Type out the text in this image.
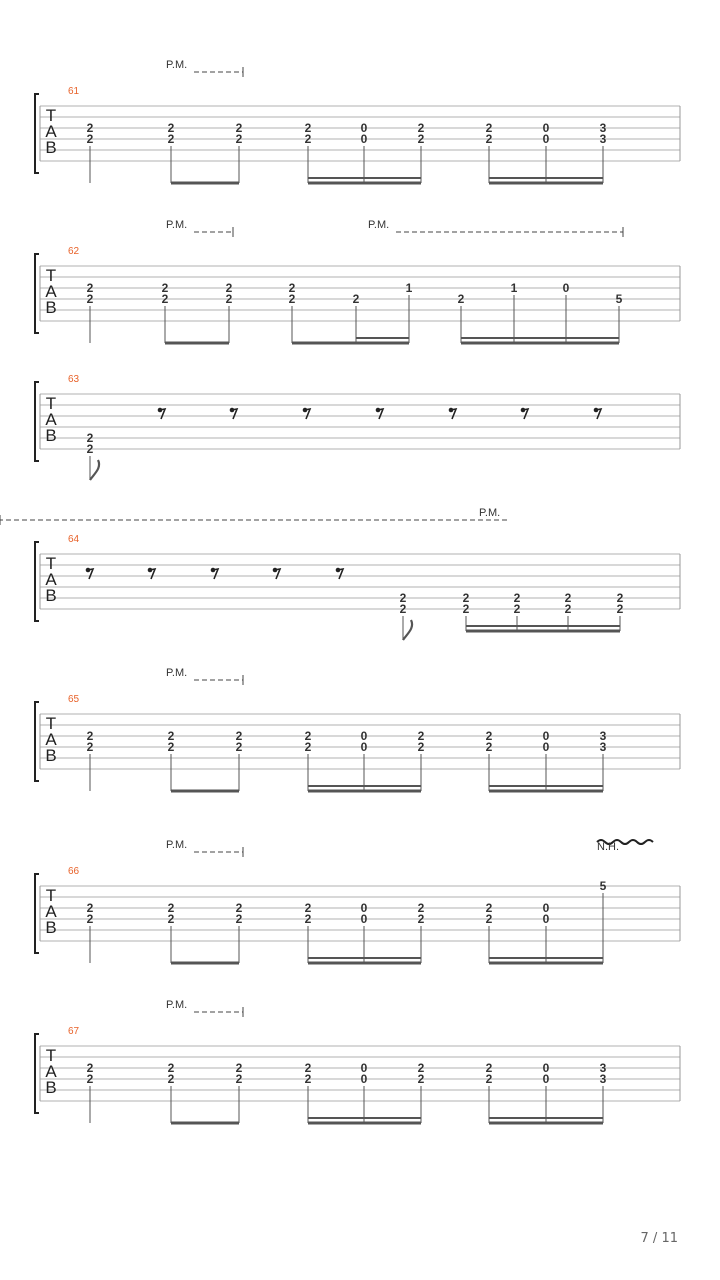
T
A
B
61
P.M.
2
2
2
2
2
2
2
2
0
0
2
2
2
2
0
0
3
3
T
A
B
62
P.M.	P.M.
2
2
2
2
2
2
2
2	2
1
2
1	0
5
T
A
B
63
2
2
T
A
B
64
P.M.
2
2
2
2
2
2
2
2
2
2
T
A
B
65
P.M.
2
2
2
2
2
2
2
2
0
0
2
2
2
2
0
0
3
3
T
A
B
66
P.M.	N.H.
2
2
2
2
2
2
2
2
0
0
2
2
2
2
0
0
5
T
A
B
67
P.M.
2
2
2
2
2
2
2
2
0
0
2
2
2
2
0
0
3
3
7 / 11
